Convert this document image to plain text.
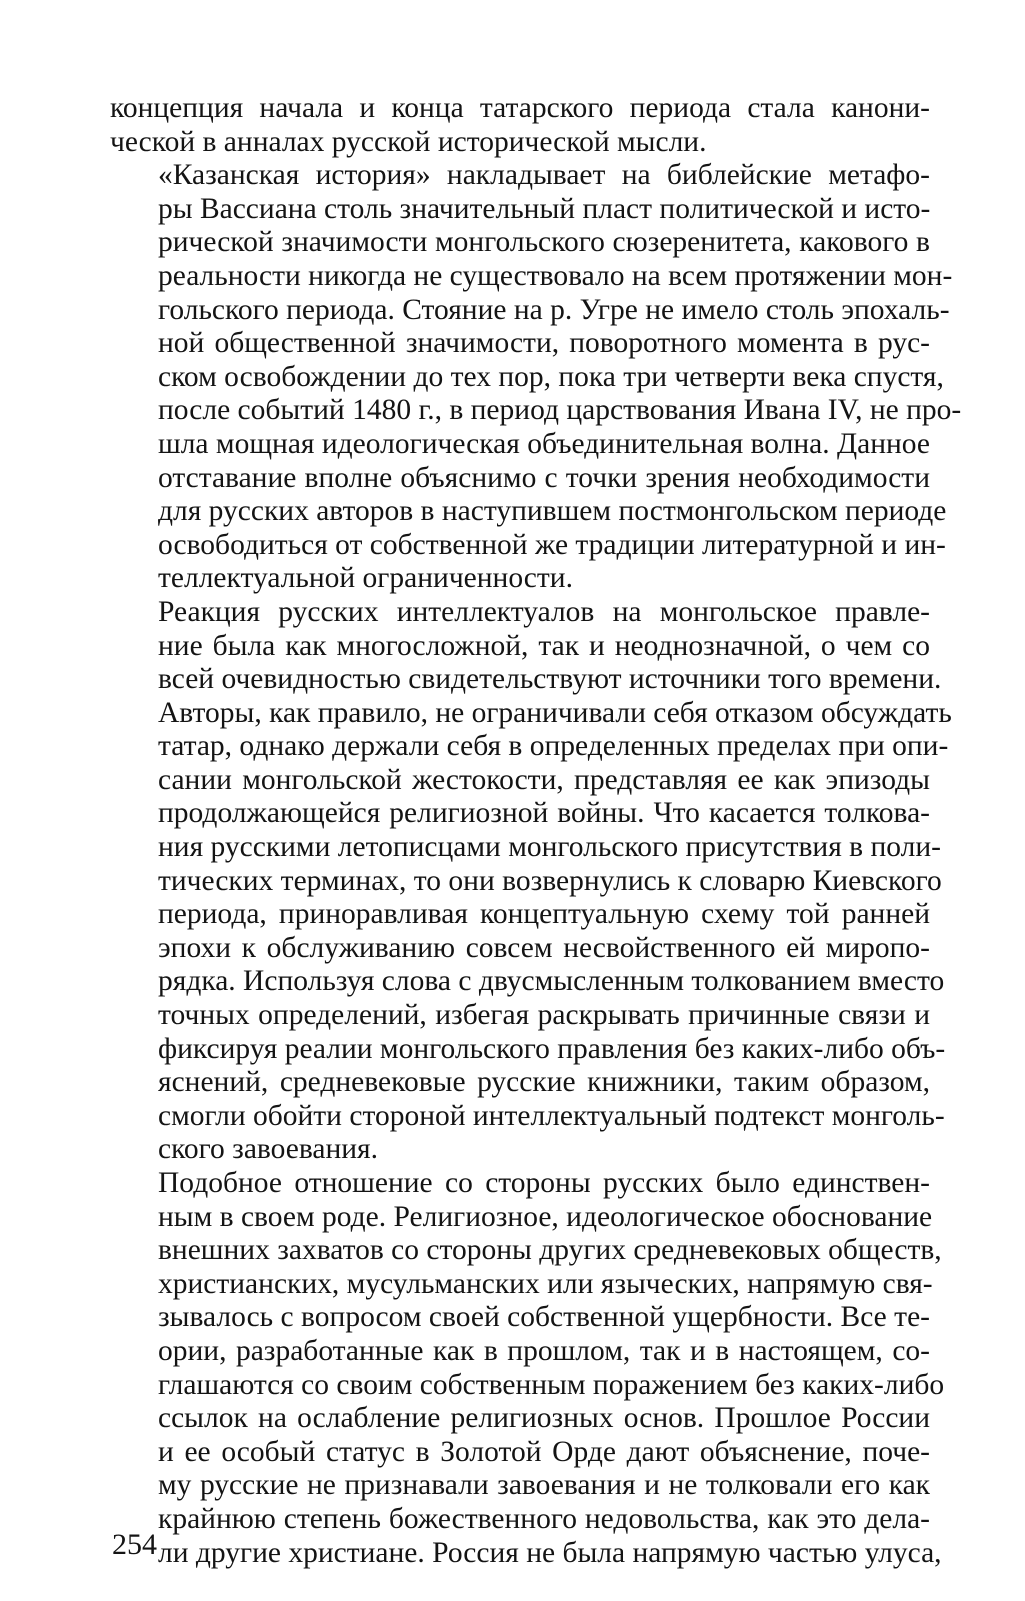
концепция начала и конца татарского периода стала канони-
ческой в анналах русской исторической мысли.

«Казанская история» накладывает на библейские метафо-
ры Вассиана столь значительный пласт политической и исто-
рической значимости монгольского сюзеренитета, какового в
реальности никогда не существовало на всем протяжении мон-
гольского периода. Стояние на р. Угре не имело столь эпохаль-
ной общественной значимости, поворотного момента в рус-
ском освобождении до тех пор, пока три четверти века спустя,
после событий 1480 г., в период царствования Ивана IV, не про-
шла мощная идеологическая объединительная волна. Данное
отставание вполне объяснимо с точки зрения необходимости
для русских авторов в наступившем постмонгольском периоде
освободиться от собственной же традиции литературной и ин-
теллектуальной ограниченности.

Реакция русских интеллектуалов на монгольское правле-
ние была как многосложной, так и неоднозначной, о чем со
всей очевидностью свидетельствуют источники того времени.
Авторы, как правило, не ограничивали себя отказом обсуждать
татар, однако держали себя в определенных пределах при опи-
сании монгольской жестокости, представляя ее как эпизоды
продолжающейся религиозной войны. Что касается толкова-
ния русскими летописцами монгольского присутствия в поли-
тических терминах, то они возвернулись к словарю Киевского
периода, приноравливая концептуальную схему той ранней
эпохи к обслуживанию совсем несвойственного ей миропо-
рядка. Используя слова с двусмысленным толкованием вместо
точных определений, избегая раскрывать причинные связи и
фиксируя реалии монгольского правления без каких-либо объ-
яснений, средневековые русские книжники, таким образом,
смогли обойти стороной интеллектуальный подтекст монголь-
ского завоевания.

Подобное отношение со стороны русских было единствен-
ным в своем роде. Религиозное, идеологическое обоснование
внешних захватов со стороны других средневековых обществ,
христианских, мусульманских или языческих, напрямую свя-
зывалось с вопросом своей собственной ущербности. Все те-
ории, разработанные как в прошлом, так и в настоящем, со-
глашаются со своим собственным поражением без каких-либо
ссылок на ослабление религиозных основ. Прошлое России
и ее особый статус в Золотой Орде дают объяснение, поче-
му русские не признавали завоевания и не толковали его как
крайнюю степень божественного недовольства, как это дела-
ли другие христиане. Россия не была напрямую частью улуса,

254
